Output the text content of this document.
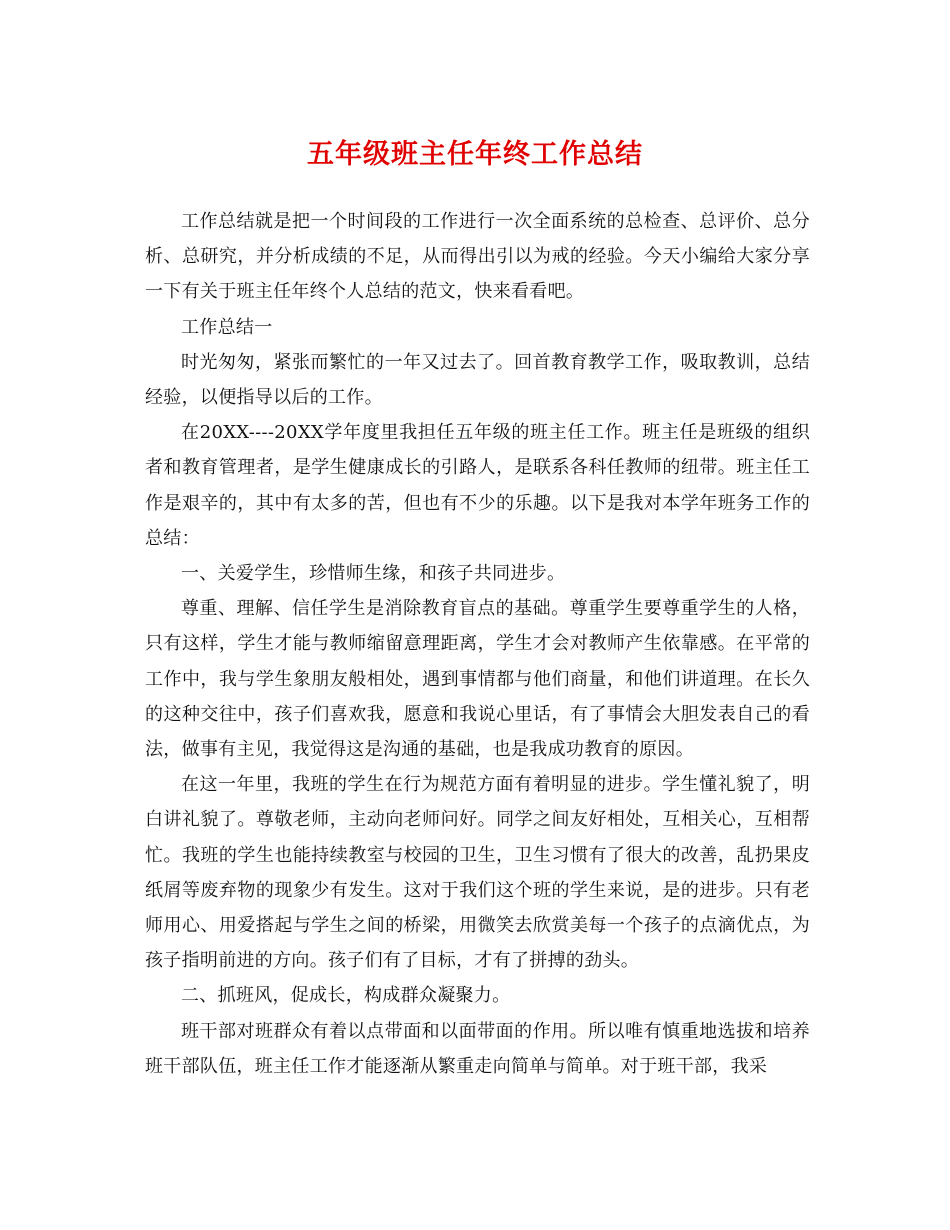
五年级班主任年终工作总结

工作总结就是把一个时间段的工作进行一次全面系统的总检查、总评价、总分析、总研究，并分析成绩的不足，从而得出引以为戒的经验。今天小编给大家分享一下有关于班主任年终个人总结的范文，快来看看吧。

工作总结一

时光匆匆，紧张而繁忙的一年又过去了。回首教育教学工作，吸取教训，总结经验，以便指导以后的工作。

在20XX----20XX学年度里我担任五年级的班主任工作。班主任是班级的组织者和教育管理者，是学生健康成长的引路人，是联系各科任教师的纽带。班主任工作是艰辛的，其中有太多的苦，但也有不少的乐趣。以下是我对本学年班务工作的总结：

一、关爱学生，珍惜师生缘，和孩子共同进步。

尊重、理解、信任学生是消除教育盲点的基础。尊重学生要尊重学生的人格，只有这样，学生才能与教师缩留意理距离，学生才会对教师产生依靠感。在平常的工作中，我与学生象朋友般相处，遇到事情都与他们商量，和他们讲道理。在长久的这种交往中，孩子们喜欢我，愿意和我说心里话，有了事情会大胆发表自己的看法，做事有主见，我觉得这是沟通的基础，也是我成功教育的原因。

在这一年里，我班的学生在行为规范方面有着明显的进步。学生懂礼貌了，明白讲礼貌了。尊敬老师，主动向老师问好。同学之间友好相处，互相关心，互相帮忙。我班的学生也能持续教室与校园的卫生，卫生习惯有了很大的改善，乱扔果皮纸屑等废弃物的现象少有发生。这对于我们这个班的学生来说，是的进步。只有老师用心、用爱搭起与学生之间的桥梁，用微笑去欣赏美每一个孩子的点滴优点，为孩子指明前进的方向。孩子们有了目标，才有了拼搏的劲头。

二、抓班风，促成长，构成群众凝聚力。

班干部对班群众有着以点带面和以面带面的作用。所以唯有慎重地选拔和培养班干部队伍，班主任工作才能逐渐从繁重走向简单与简单。对于班干部，我采
